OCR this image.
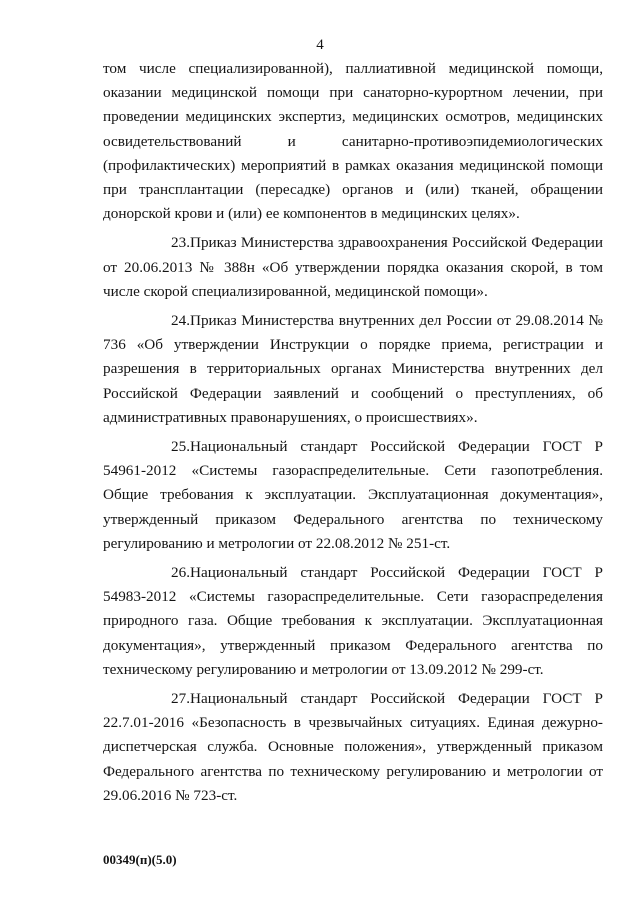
4

том числе специализированной), паллиативной медицинской помощи, оказании медицинской помощи при санаторно-курортном лечении, при проведении медицинских экспертиз, медицинских осмотров, медицинских освидетельствований и санитарно-противоэпидемиологических (профилактических) мероприятий в рамках оказания медицинской помощи при трансплантации (пересадке) органов и (или) тканей, обращении донорской крови и (или) ее компонентов в медицинских целях».

23.Приказ Министерства здравоохранения Российской Федерации от 20.06.2013 № 388н «Об утверждении порядка оказания скорой, в том числе скорой специализированной, медицинской помощи».

24.Приказ Министерства внутренних дел России от 29.08.2014 № 736 «Об утверждении Инструкции о порядке приема, регистрации и разрешения в территориальных органах Министерства внутренних дел Российской Федерации заявлений и сообщений о преступлениях, об административных правонарушениях, о происшествиях».

25.Национальный стандарт Российской Федерации ГОСТ Р 54961-2012 «Системы газораспределительные. Сети газопотребления. Общие требования к эксплуатации. Эксплуатационная документация», утвержденный приказом Федерального агентства по техническому регулированию и метрологии от 22.08.2012 № 251-ст.

26.Национальный стандарт Российской Федерации ГОСТ Р 54983-2012 «Системы газораспределительные. Сети газораспределения природного газа. Общие требования к эксплуатации. Эксплуатационная документация», утвержденный приказом Федерального агентства по техническому регулированию и метрологии от 13.09.2012 № 299-ст.

27.Национальный стандарт Российской Федерации ГОСТ Р 22.7.01-2016 «Безопасность в чрезвычайных ситуациях. Единая дежурно-диспетчерская служба. Основные положения», утвержденный приказом Федерального агентства по техническому регулированию и метрологии от 29.06.2016 № 723-ст.

00349(п)(5.0)
